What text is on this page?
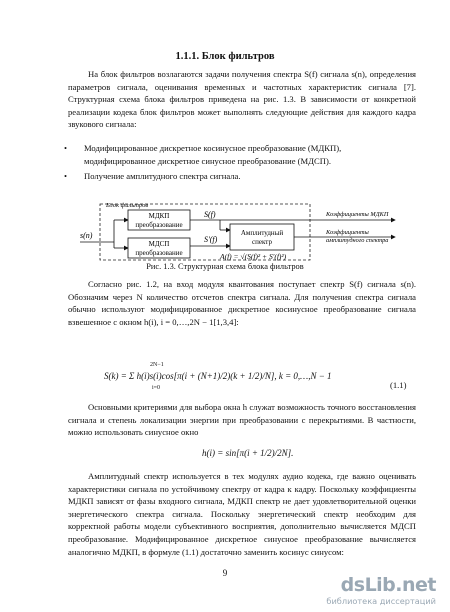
1.1.1. Блок фильтров
На блок фильтров возлагаются задачи получения спектра S(f) сигнала s(n), определения параметров сигнала, оценивания временных и частотных характеристик сигнала [7]. Структурная схема блока фильтров приведена на рис. 1.3. В зависимости от конкретной реализации кодека блок фильтров может выполнять следующие действия для каждого кадра звукового сигнала:
• Модифицированное дискретное косинусное преобразование (МДКП), модифицированное дискретное синусное преобразование (МДСП).
• Получение амплитудного спектра сигнала.
Блок фильтров
s(n)
МДКП
преобразование
МДСП
преобразование
S(f)
S'(f)
Амплитудный
спектр
Коэффициенты МДКП
Коэффициенты
амплитудного спектра
A(f) = √(S(f)² + S'(f)²)
Рис. 1.3. Структурная схема блока фильтров
Согласно рис. 1.2, на вход модуля квантования поступает спектр S(f) сигнала s(n). Обозначим через N количество отсчетов спектра сигнала. Для получения спектра сигнала обычно используют модифицированное дискретное косинусное преобразование сигнала взвешенное с окном h(i), i = 0,…,2N − 1[1,3,4]:
2N−1
S(k) = Σ h(i)s(i)cos[π(i + (N+1)/2)(k + 1/2)/N], k = 0,…,N − 1
i=0	(1.1)
Основными критериями для выбора окна h служат возможность точного восстановления сигнала и степень локализации энергии при преобразовании с перекрытиями. В частности, можно использовать синусное окно
h(i) = sin[π(i + 1/2)/2N].
Амплитудный спектр используется в тех модулях аудио кодека, где важно оценивать характеристики сигнала по устойчивому спектру от кадра к кадру. Поскольку коэффициенты МДКП зависят от фазы входного сигнала, МДКП спектр не дает удовлетворительной оценки энергетического спектра сигнала. Поскольку энергетический спектр необходим для корректной работы модели субъективного восприятия, дополнительно вычисляется МДСП преобразование. Модифицированное дискретное синусное преобразование вычисляется аналогично МДКП, в формуле (1.1) достаточно заменить косинус синусом:
9
dsLib.net
библиотека диссертаций
